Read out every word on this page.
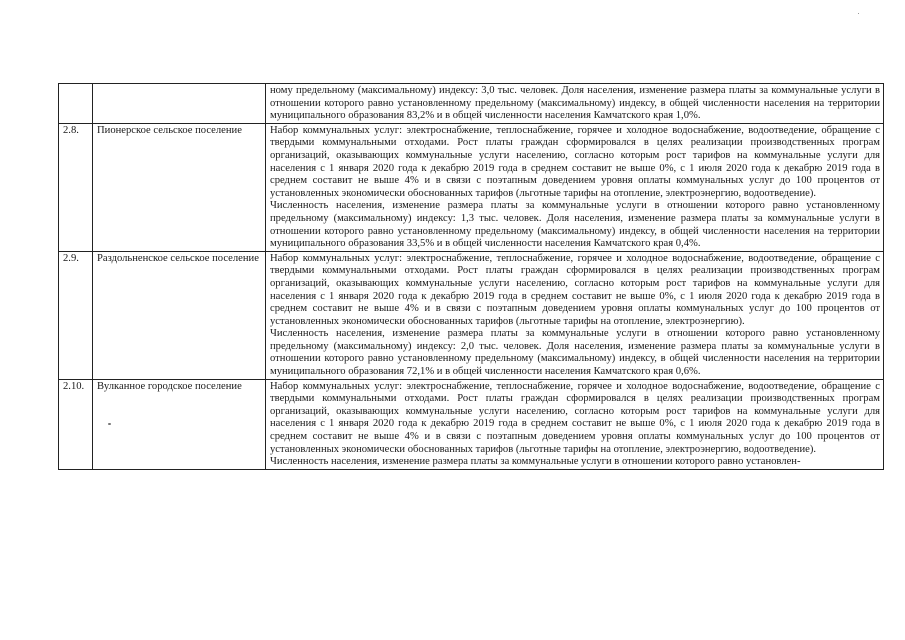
		ному предельному (максимальному) индексу: 3,0 тыс. человек. Доля населения, изменение размера платы за коммунальные услуги в отношении которого равно установленному предельному (максимальному) индексу, в общей численности населения на территории муниципального образования 83,2% и в общей численности населения Камчатского края 1,0%.

2.8.	Пионерское сельское поселение	Набор коммунальных услуг: электроснабжение, теплоснабжение, горячее и холодное водоснабжение, водоотведение, обращение с твердыми коммунальными отходами. Рост платы граждан сформировался в целях реализации производственных програм организаций, оказывающих коммунальные услуги населению, согласно которым рост тарифов на коммунальные услуги для населения с 1 января 2020 года к декабрю 2019 года в среднем составит не выше 0%, с 1 июля 2020 года к декабрю 2019 года в среднем составит не выше 4% и в связи с поэтапным доведением уровня оплаты коммунальных услуг до 100 процентов от установленных экономически обоснованных тарифов (льготные тарифы на отопление, электроэнергию, водоотведение).
Численность населения, изменение размера платы за коммунальные услуги в отношении которого равно установленному предельному (максимальному) индексу: 1,3 тыс. человек. Доля населения, изменение размера платы за коммунальные услуги в отношении которого равно установленному предельному (максимальному) индексу, в общей численности населения на территории муниципального образования 33,5% и в общей численности населения Камчатского края 0,4%.

2.9.	Раздольненское сельское поселение	Набор коммунальных услуг: электроснабжение, теплоснабжение, горячее и холодное водоснабжение, водоотведение, обращение с твердыми коммунальными отходами. Рост платы граждан сформировался в целях реализации производственных програм организаций, оказывающих коммунальные услуги населению, согласно которым рост тарифов на коммунальные услуги для населения с 1 января 2020 года к декабрю 2019 года в среднем составит не выше 0%, с 1 июля 2020 года к декабрю 2019 года в среднем составит не выше 4% и в связи с поэтапным доведением уровня оплаты коммунальных услуг до 100 процентов от установленных экономически обоснованных тарифов (льготные тарифы на отопление, электроэнергию).
Численность населения, изменение размера платы за коммунальные услуги в отношении которого равно установленному предельному (максимальному) индексу: 2,0 тыс. человек. Доля населения, изменение размера платы за коммунальные услуги в отношении которого равно установленному предельному (максимальному) индексу, в общей численности населения на территории муниципального образования 72,1% и в общей численности населения Камчатского края 0,6%.

2.10.	Вулканное городское поселение	Набор коммунальных услуг: электроснабжение, теплоснабжение, горячее и холодное водоснабжение, водоотведение, обращение с твердыми коммунальными отходами. Рост платы граждан сформировался в целях реализации производственных програм организаций, оказывающих коммунальные услуги населению, согласно которым рост тарифов на коммунальные услуги для населения с 1 января 2020 года к декабрю 2019 года в среднем составит не выше 0%, с 1 июля 2020 года к декабрю 2019 года в среднем составит не выше 4% и в связи с поэтапным доведением уровня оплаты коммунальных услуг до 100 процентов от установленных экономически обоснованных тарифов (льготные тарифы на отопление, электроэнергию, водоотведение).
Численность населения, изменение размера платы за коммунальные услуги в отношении которого равно установлен-
